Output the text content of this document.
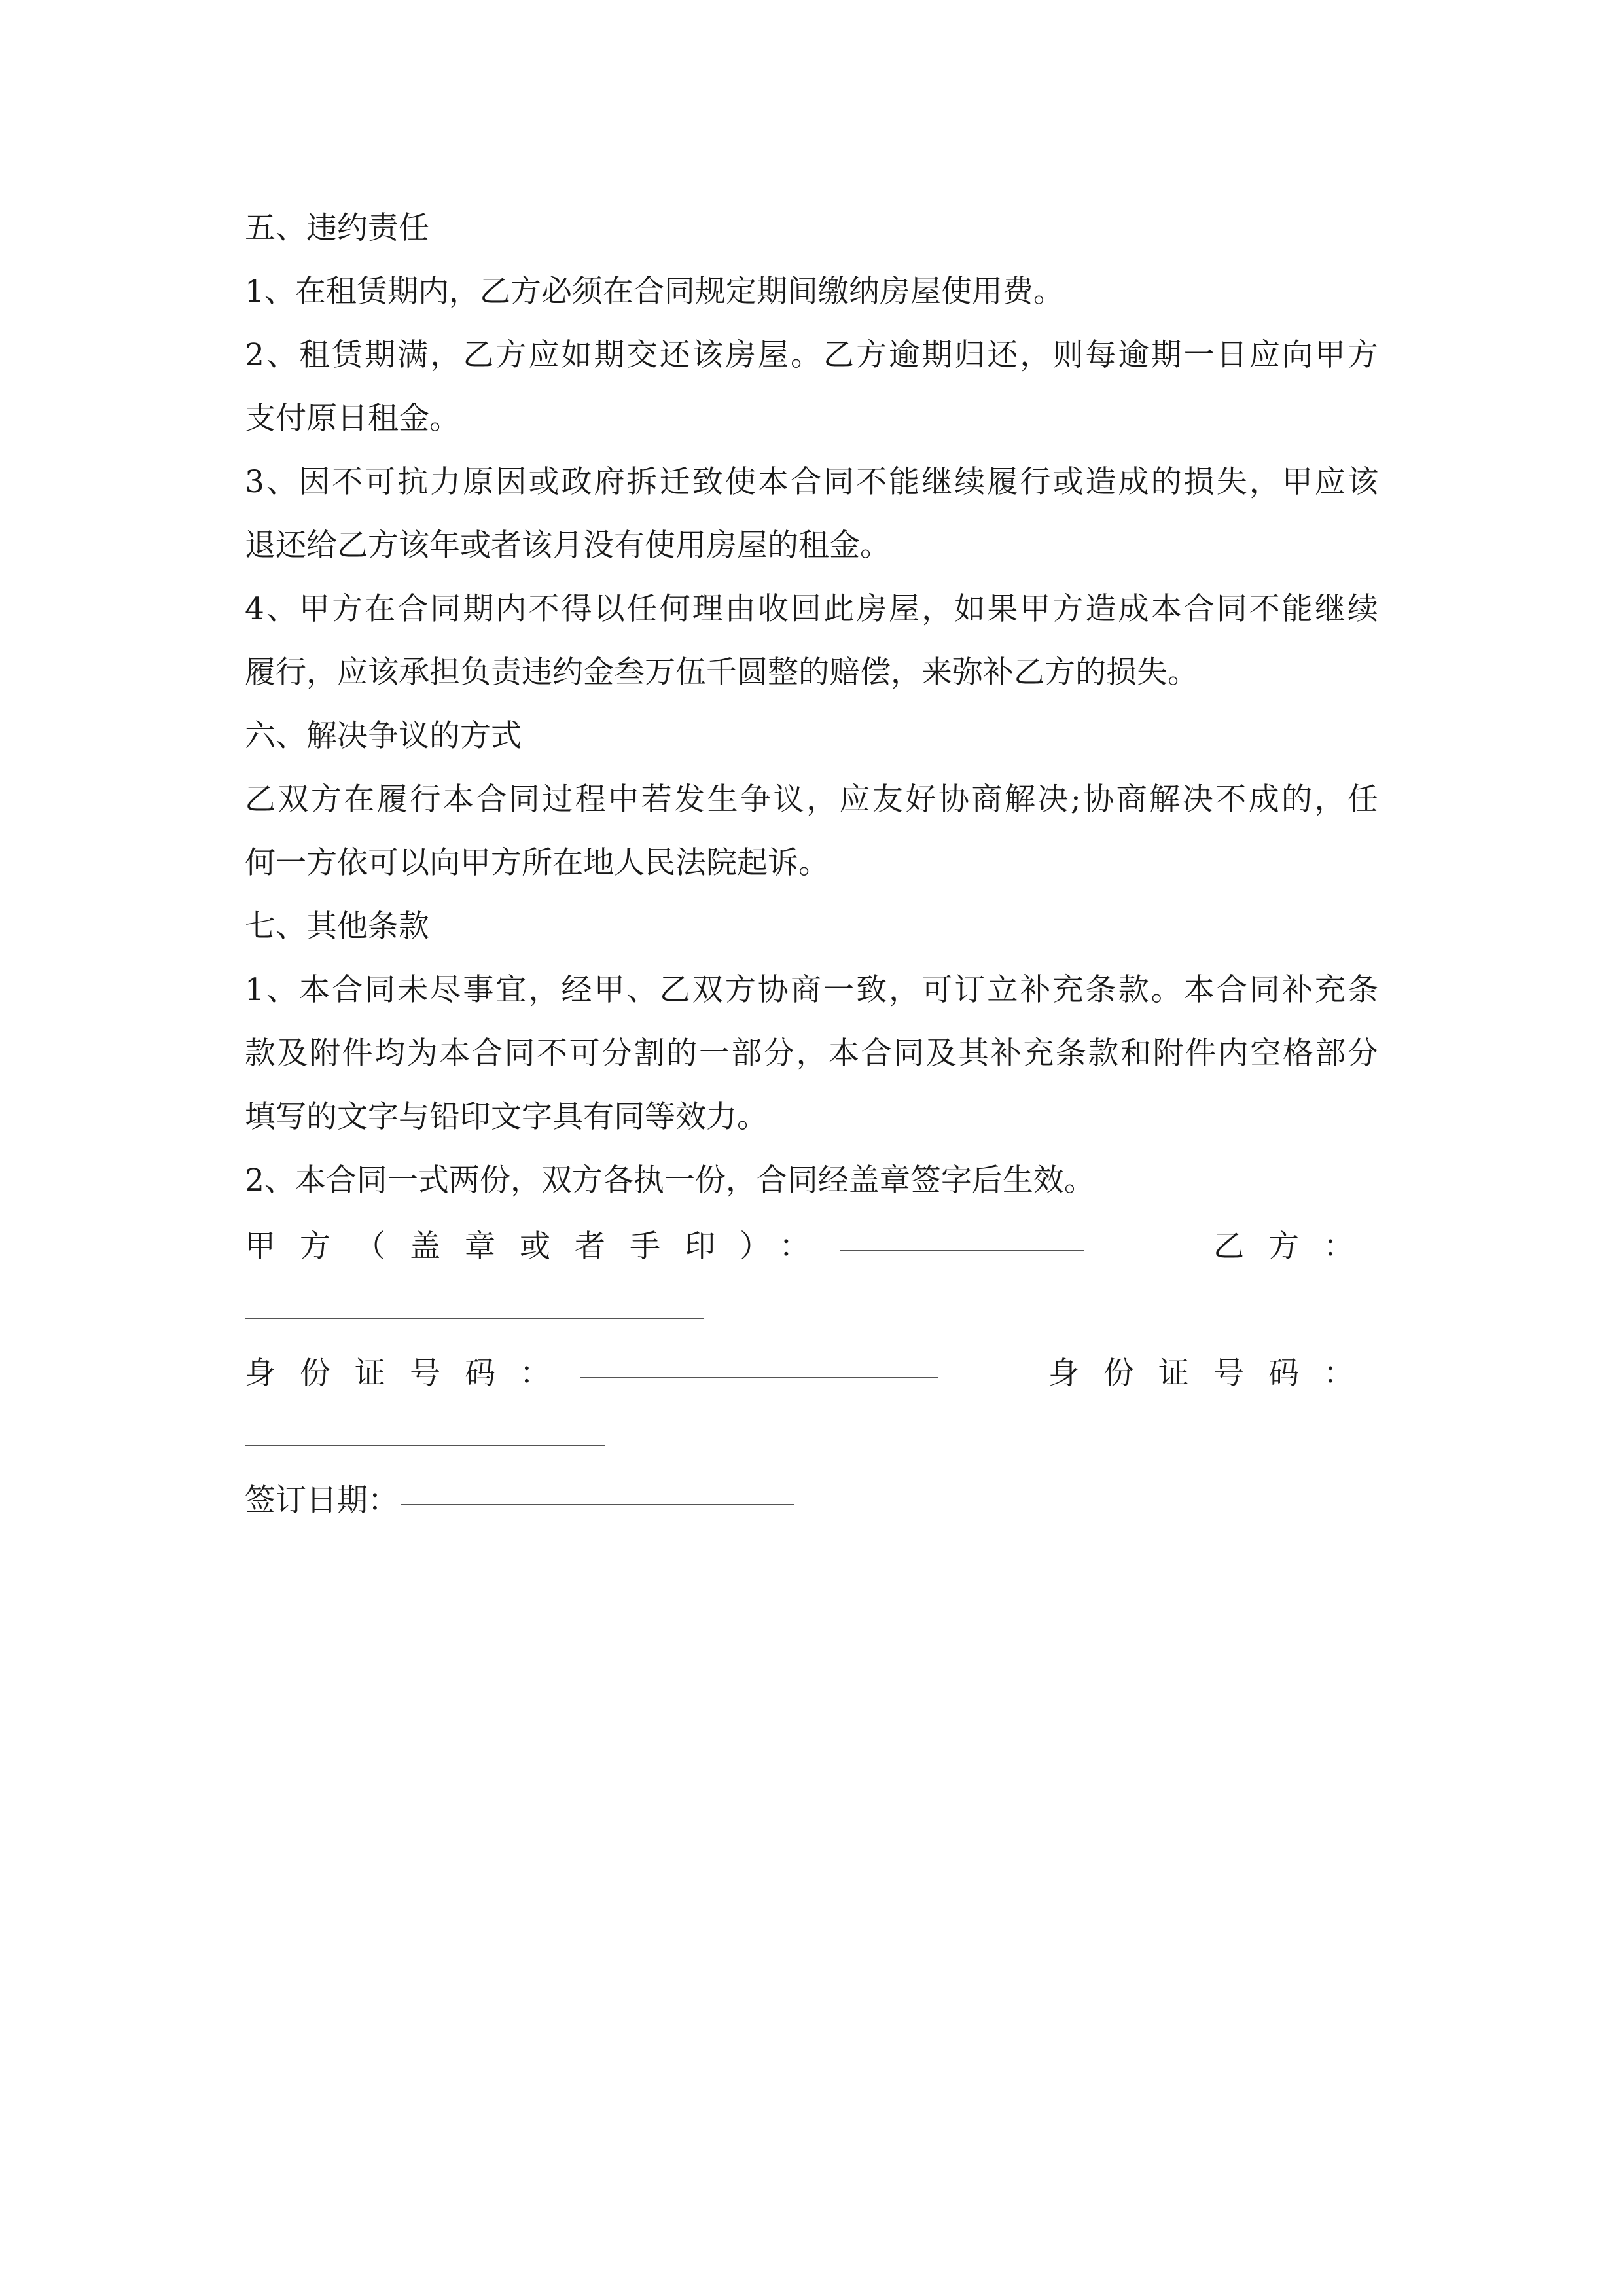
五、违约责任
1、在租赁期内，乙方必须在合同规定期间缴纳房屋使用费。
2、租赁期满，乙方应如期交还该房屋。乙方逾期归还，则每逾期一日应向甲方
支付原日租金。
3、因不可抗力原因或政府拆迁致使本合同不能继续履行或造成的损失，甲应该
退还给乙方该年或者该月没有使用房屋的租金。
4、甲方在合同期内不得以任何理由收回此房屋，如果甲方造成本合同不能继续
履行，应该承担负责违约金叁万伍千圆整的赔偿，来弥补乙方的损失。
六、解决争议的方式
乙双方在履行本合同过程中若发生争议，应友好协商解决;协商解决不成的，任
何一方依可以向甲方所在地人民法院起诉。
七、其他条款
1、本合同未尽事宜，经甲、乙双方协商一致，可订立补充条款。本合同补充条
款及附件均为本合同不可分割的一部分，本合同及其补充条款和附件内空格部分
填写的文字与铅印文字具有同等效力。
2、本合同一式两份，双方各执一份，合同经盖章签字后生效。
甲方（盖章或者手印）：	乙方：
身份证号码：	身份证号码：
签订日期：
